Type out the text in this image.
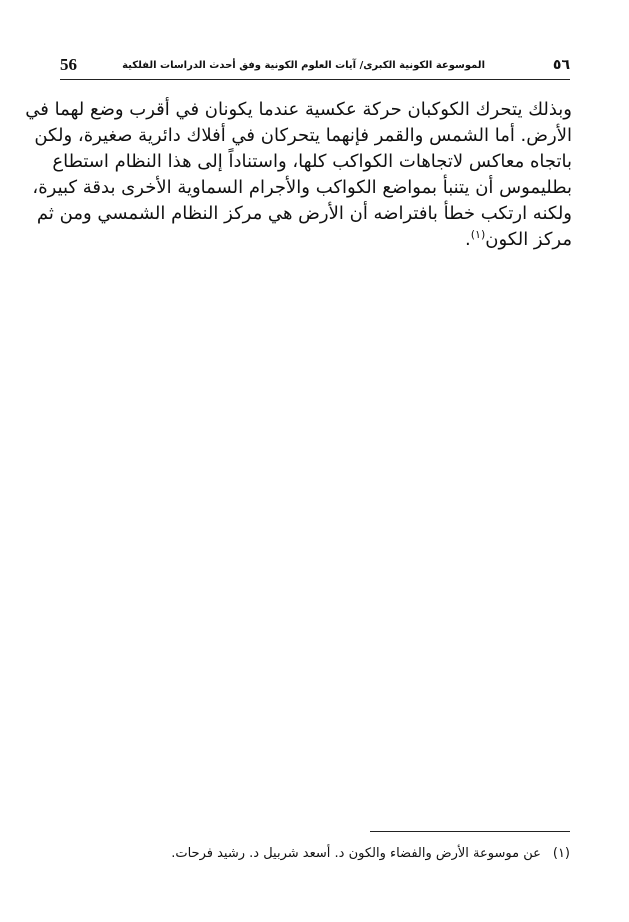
56	الموسوعة الكونية الكبرى/ آيات العلوم الكونية وفق أحدث الدراسات الفلكية	٥٦
وبذلك يتحرك الكوكبان حركة عكسية عندما يكونان في أقرب وضع لهما في
الأرض. أما الشمس والقمر فإنهما يتحركان في أفلاك دائرية صغيرة، ولكن
باتجاه معاكس لاتجاهات الكواكب كلها، واستناداً إلى هذا النظام استطاع
بطليموس أن يتنبأ بمواضع الكواكب والأجرام السماوية الأخرى بدقة كبيرة،
ولكنه ارتكب خطأ بافتراضه أن الأرض هي مركز النظام الشمسي ومن ثم
مركز الكون$^{(١)}$.
(١)عن موسوعة الأرض والفضاء والكون د. أسعد شربيل د. رشيد فرحات.
